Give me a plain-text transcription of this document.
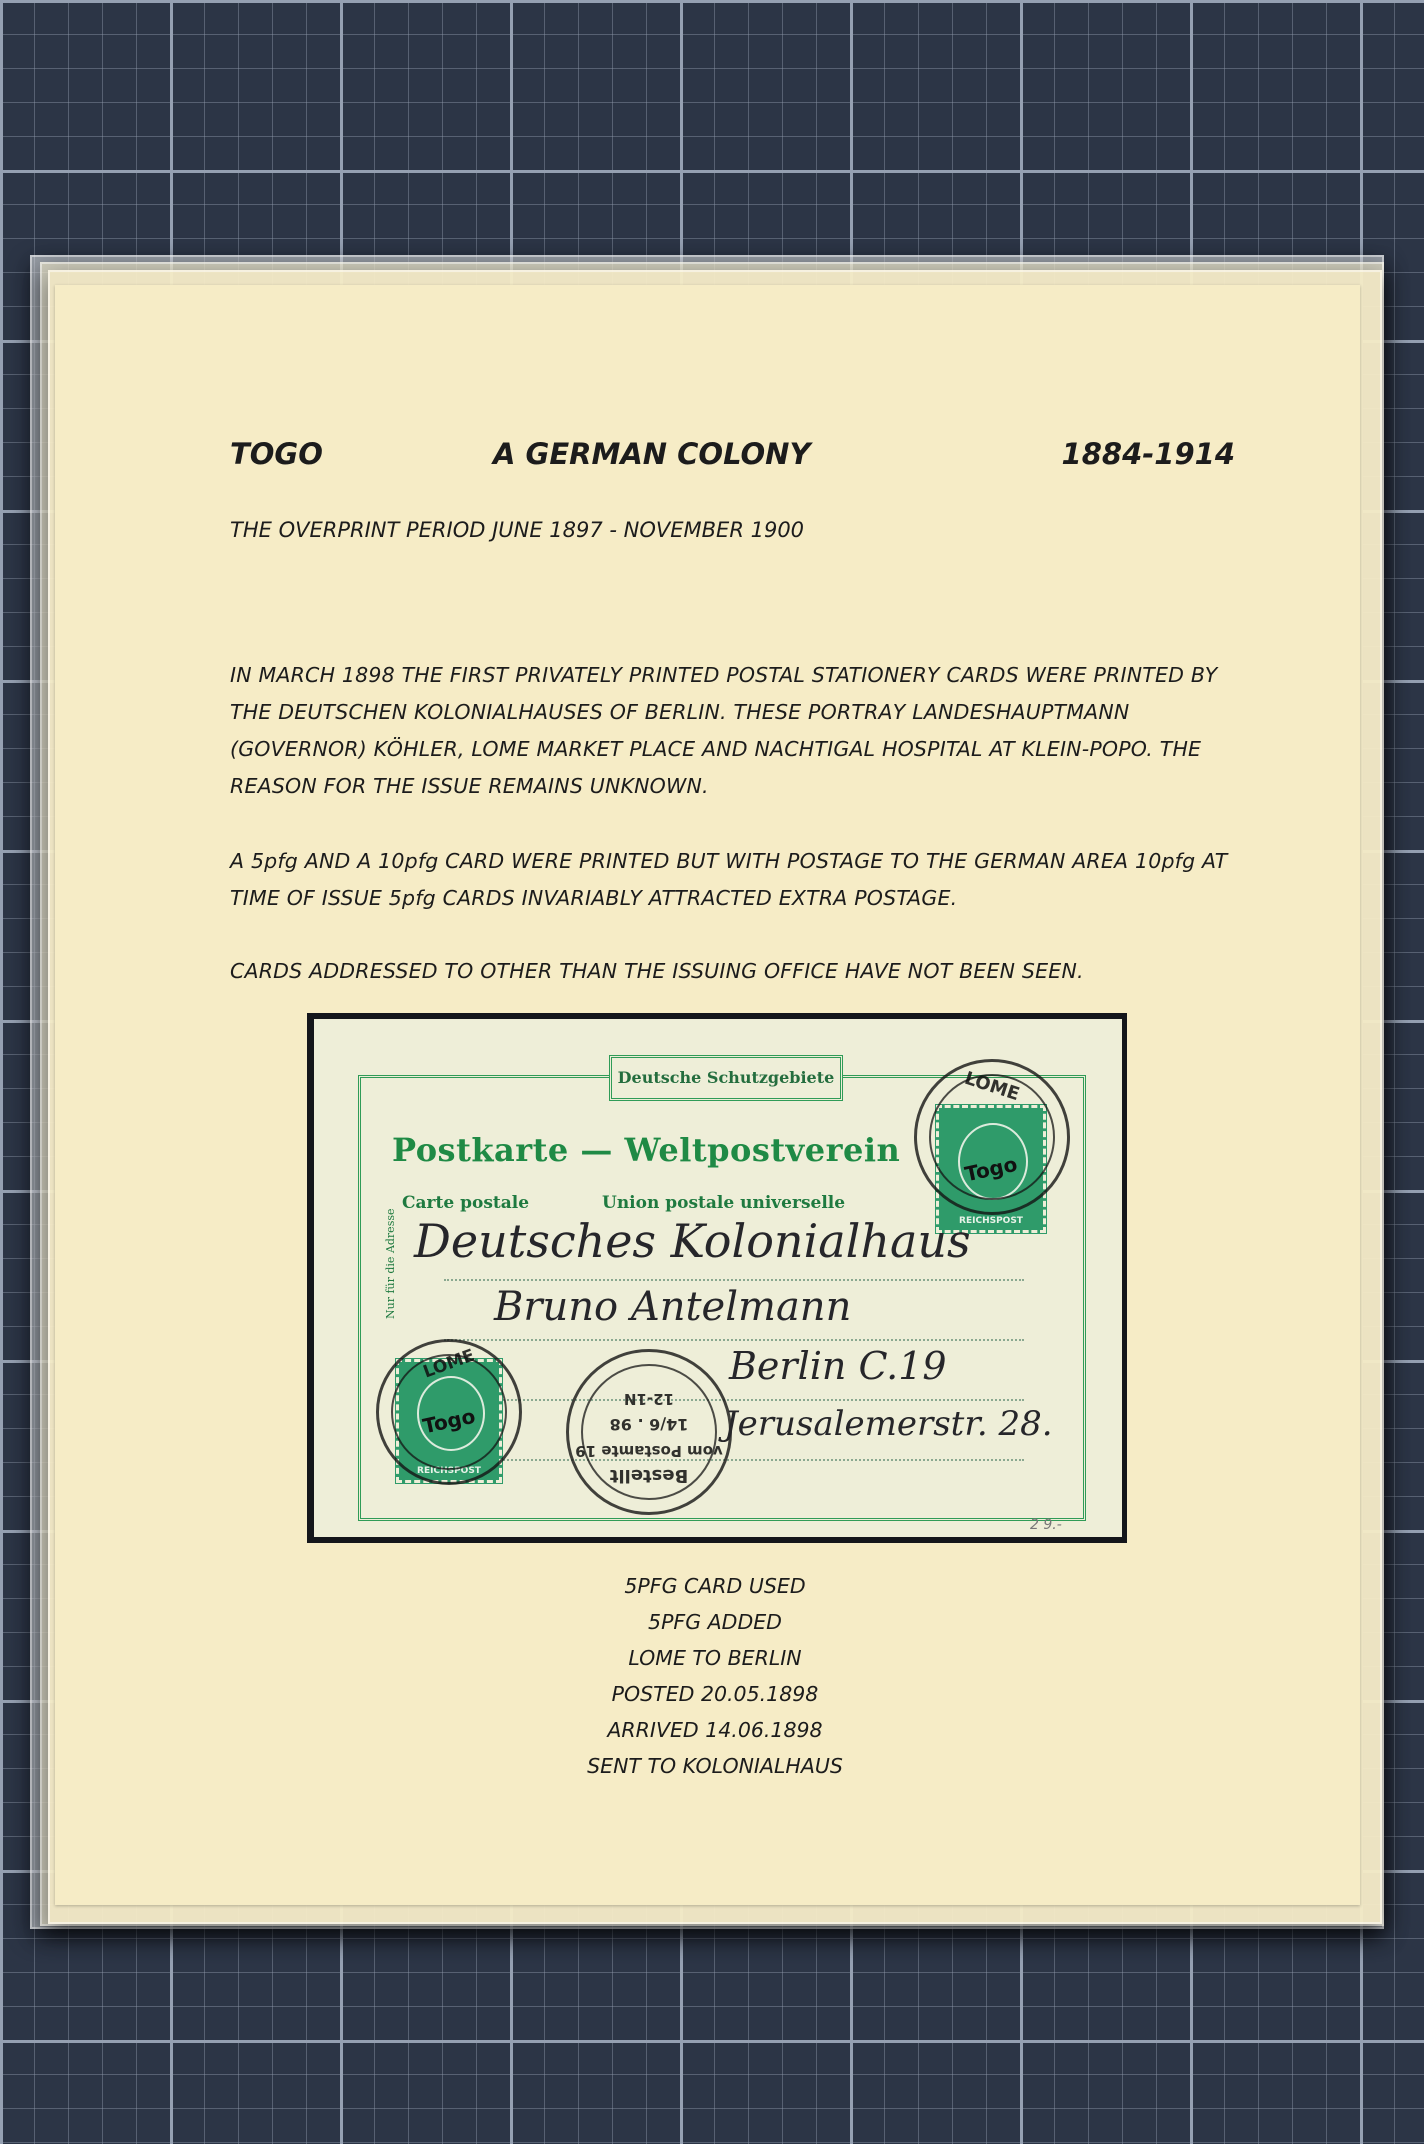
TOGO	A GERMAN COLONY	1884-1914

THE OVERPRINT PERIOD JUNE 1897 - NOVEMBER 1900

IN MARCH 1898 THE FIRST PRIVATELY PRINTED POSTAL STATIONERY CARDS WERE PRINTED BY THE DEUTSCHEN KOLONIALHAUSES OF BERLIN. THESE PORTRAY LANDESHAUPTMANN (GOVERNOR) KÖHLER, LOME MARKET PLACE AND NACHTIGAL HOSPITAL AT KLEIN-POPO. THE REASON FOR THE ISSUE REMAINS UNKNOWN.

A 5pfg AND A 10pfg CARD WERE PRINTED BUT WITH POSTAGE TO THE GERMAN AREA 10pfg AT TIME OF ISSUE 5pfg CARDS INVARIABLY ATTRACTED EXTRA POSTAGE.

CARDS ADDRESSED TO OTHER THAN THE ISSUING OFFICE HAVE NOT BEEN SEEN.

Deutsche Schutzgebiete
Postkarte — Weltpostverein
Carte postale	Union postale universelle
Nur für die Adresse
Togo
REICHSPOST
LOME
Togo
REICHSPOST
LOME
Bestellt
vom Postamte 19
14/6 . 98
12-1N
Deutsches Kolonialhaus
Bruno Antelmann
Berlin C.19
Jerusalemerstr. 28.
2 9.-
5PFG CARD USED
5PFG ADDED
LOME TO BERLIN
POSTED 20.05.1898
ARRIVED 14.06.1898
SENT TO KOLONIALHAUS
